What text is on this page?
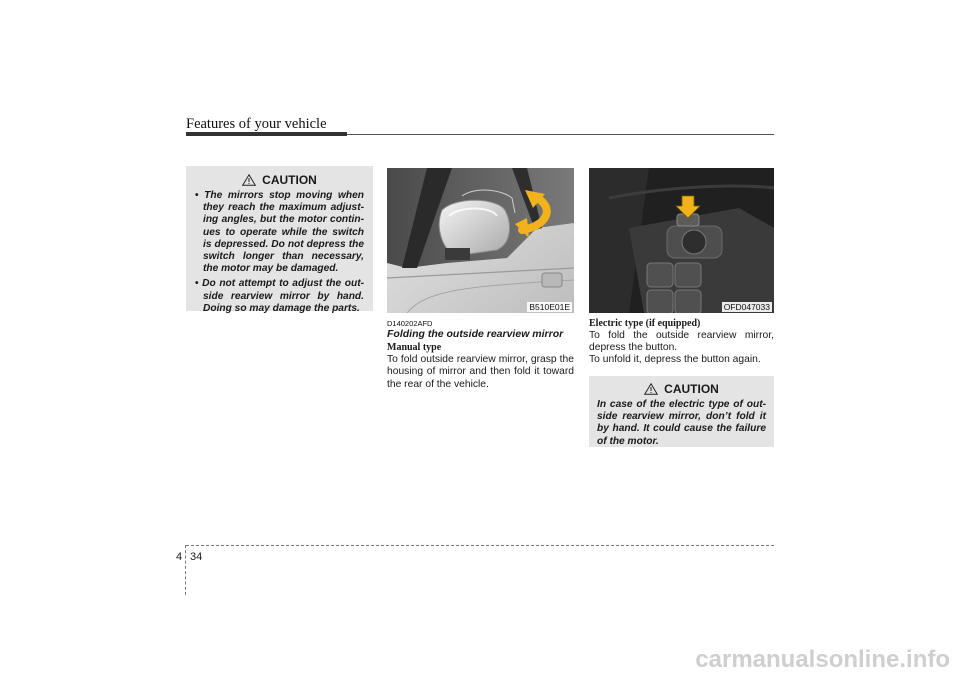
Features of your vehicle
CAUTION
• The mirrors stop moving when they reach the maximum adjust-ing angles, but the motor contin-ues to operate while the switch is depressed. Do not depress the switch longer than necessary, the motor may be damaged.
• Do not attempt to adjust the out-side rearview mirror by hand. Doing so may damage the parts.	B510E01E	OFD047033
D140202AFD
Folding the outside rearview mirror
Manual type
To fold outside rearview mirror, grasp the housing of mirror and then fold it toward the rear of the vehicle.
Electric type (if equipped)
To fold the outside rearview mirror, depress the button.
To unfold it, depress the button again.
CAUTION
In case of the electric type of out-side rearview mirror, don’t fold it by hand. It could cause the failure of the motor.
4 34
carmanualsonline.info
